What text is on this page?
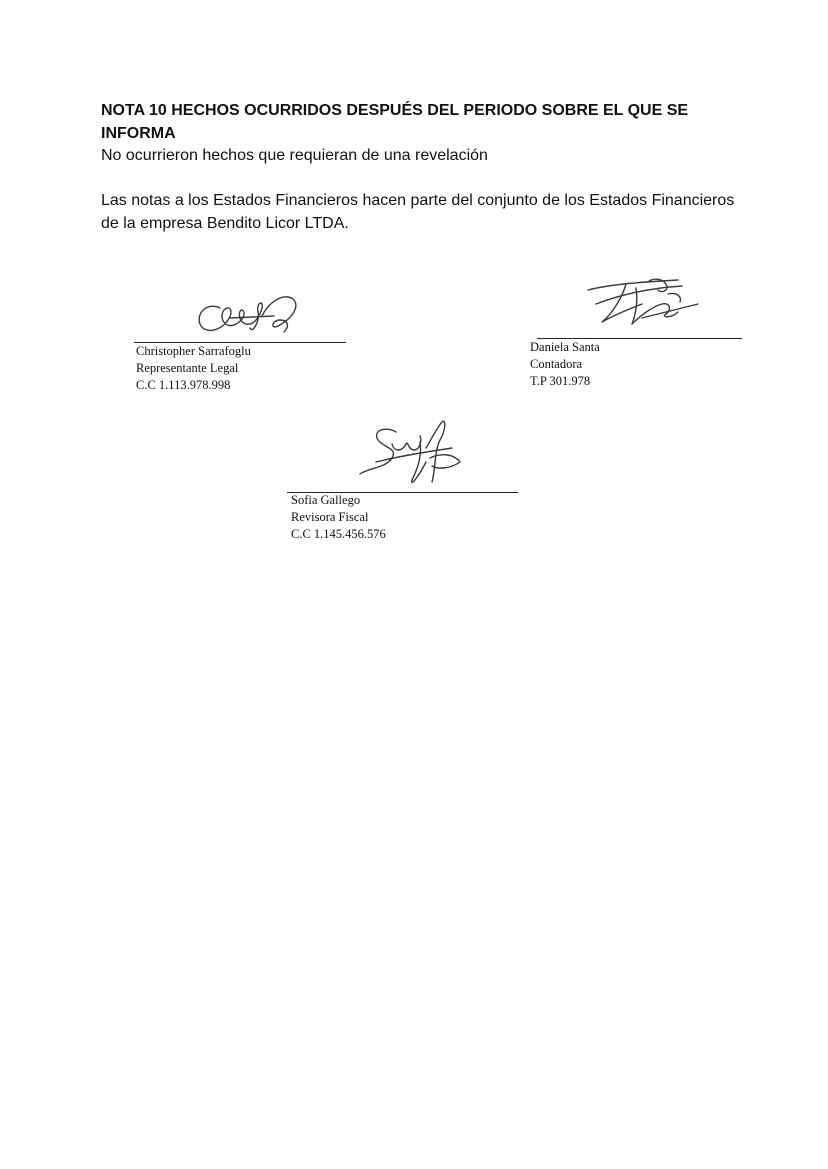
NOTA 10 HECHOS OCURRIDOS DESPUÉS DEL PERIODO SOBRE EL QUE SE INFORMA

No ocurrieron hechos que requieran de una revelación

Las notas a los Estados Financieros hacen parte del conjunto de los Estados Financieros de la empresa Bendito Licor LTDA.

Christopher Sarrafoglu
Representante Legal
C.C 1.113.978.998
Daniela Santa
Contadora
T.P 301.978
Sofia Gallego
Revisora Fiscal
C.C 1.145.456.576
